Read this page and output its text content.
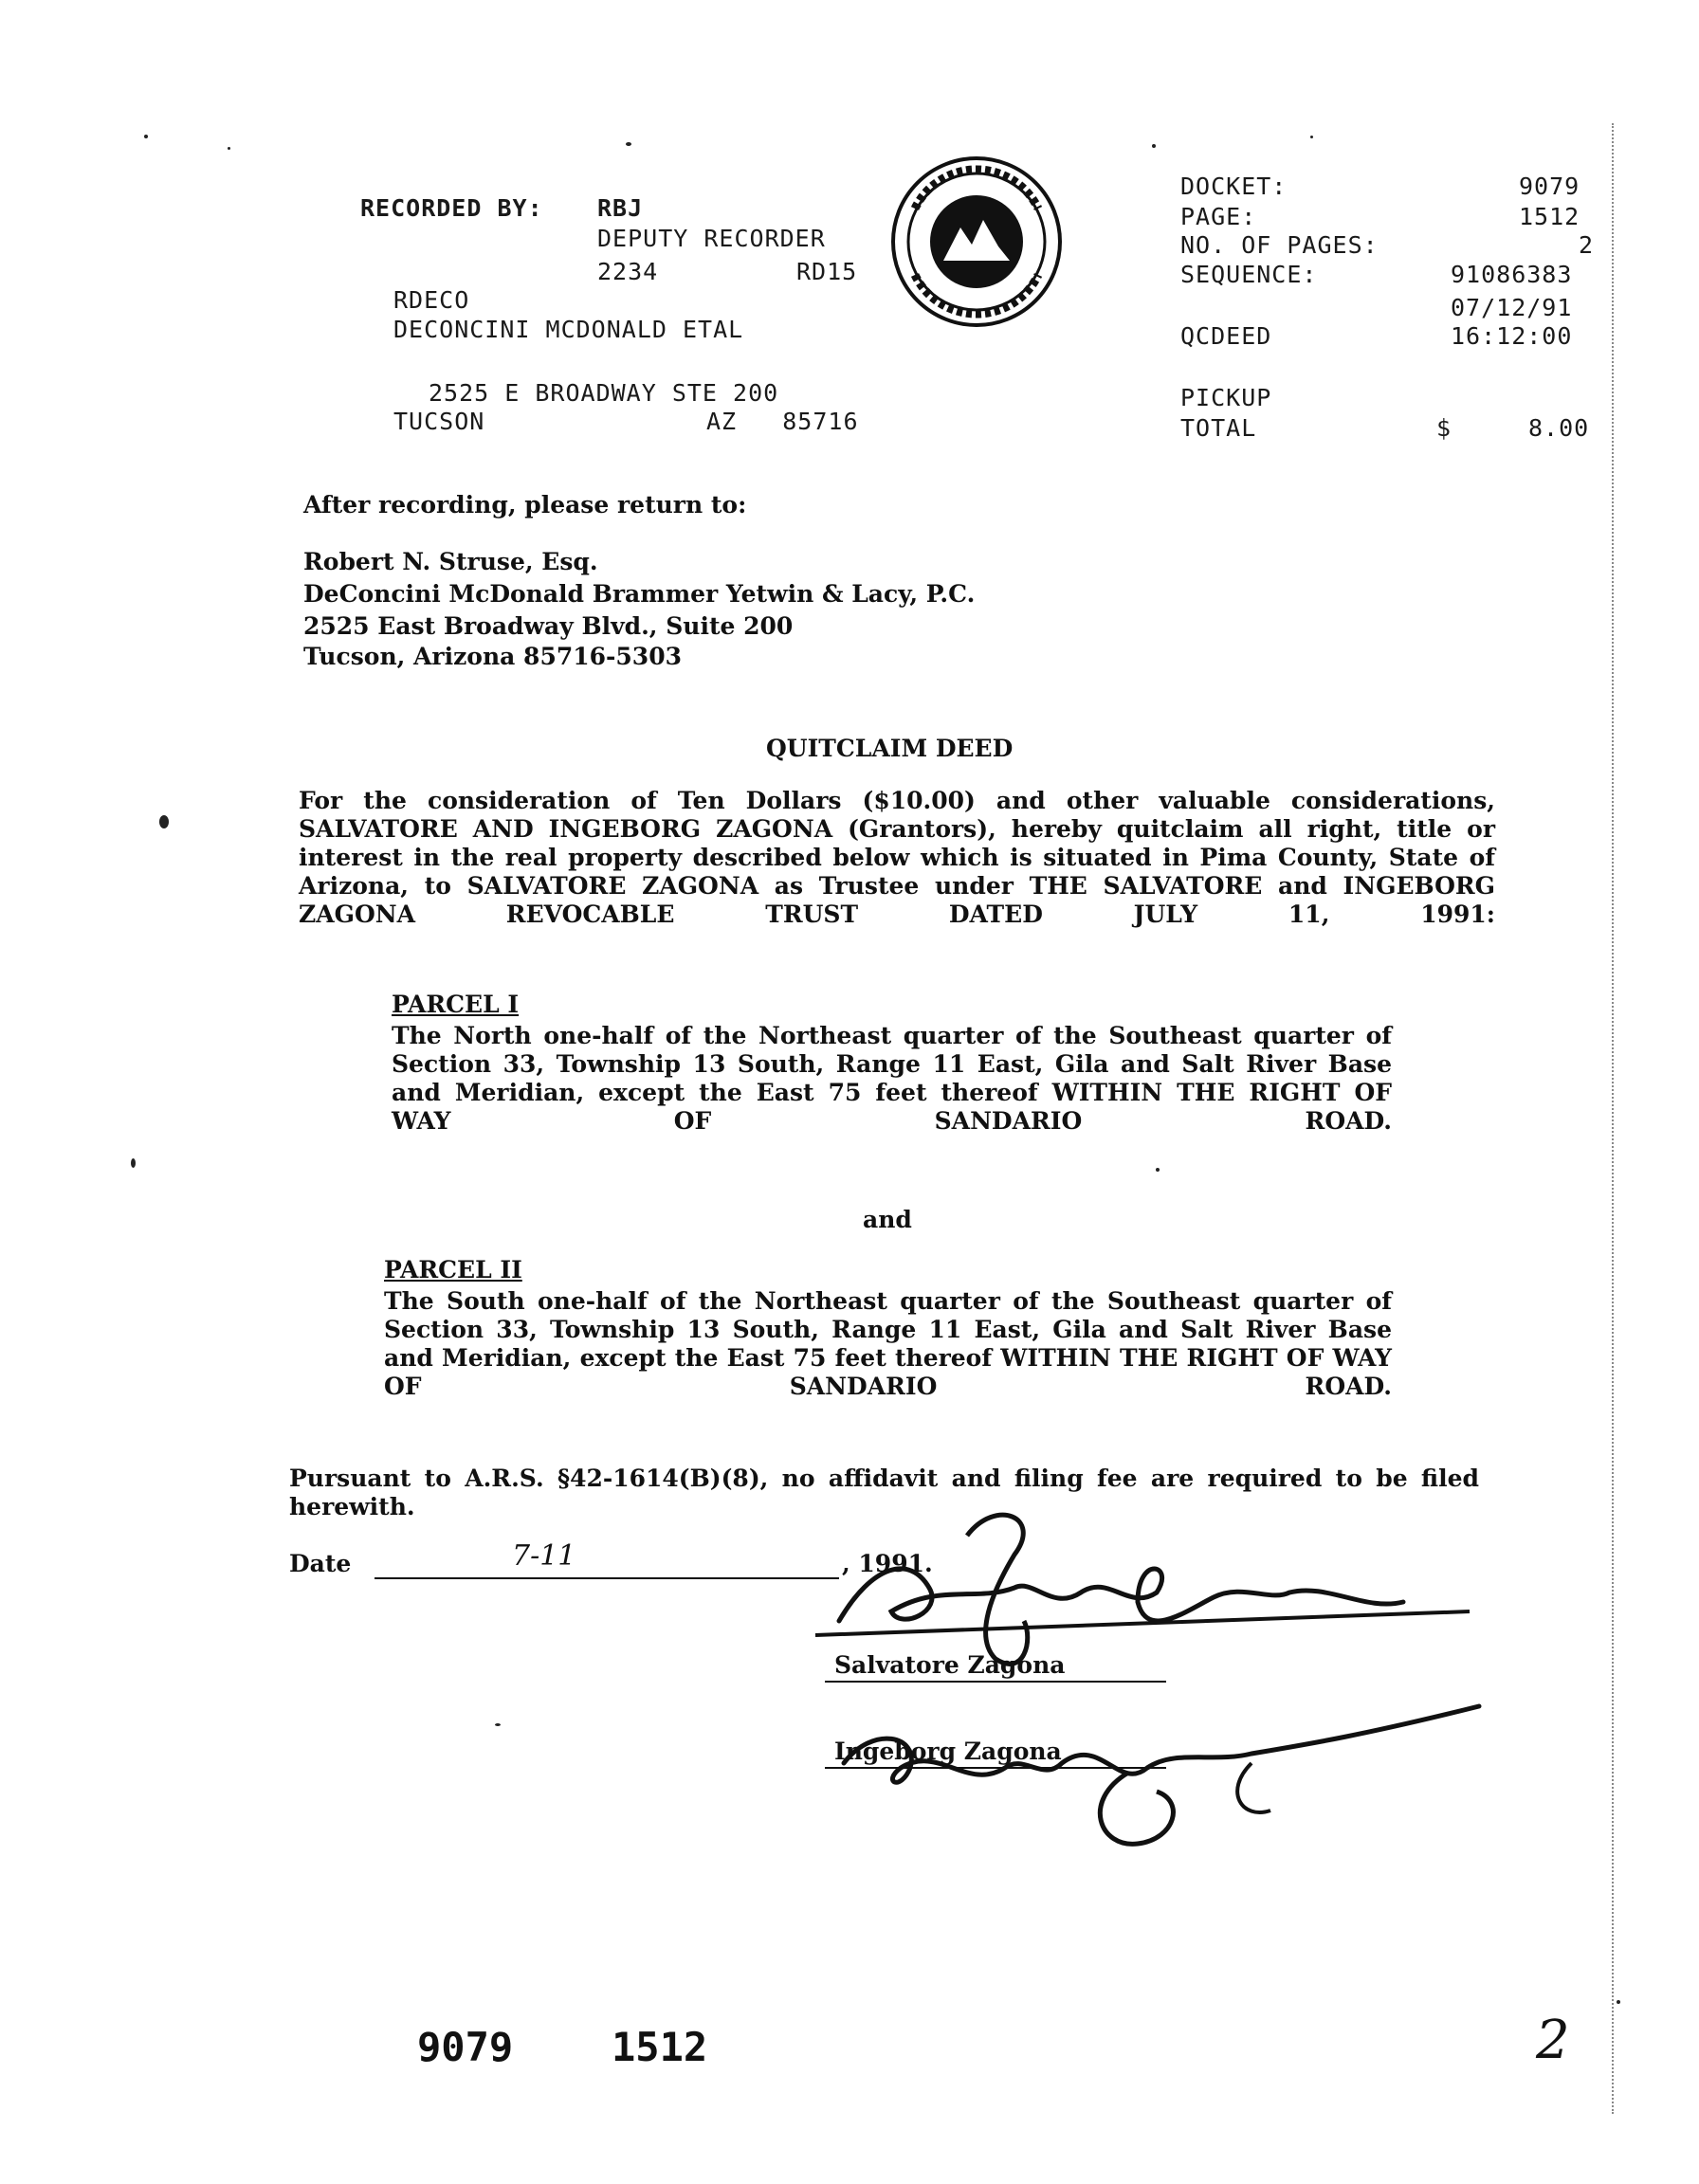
RECORDED BY: RBJ
DEPUTY RECORDER
2234	RD15
RDECO
DECONCINI MCDONALD ETAL
2525 E BROADWAY STE 200
TUCSON	AZ   85716
DOCKET:	9079
PAGE:	1512
NO. OF PAGES:	2
SEQUENCE:	91086383
07/12/91
QCDEED	16:12:00
PICKUP
TOTAL	$	8.00
After recording, please return to:
Robert N. Struse, Esq.
DeConcini McDonald Brammer Yetwin & Lacy, P.C.
2525 East Broadway Blvd., Suite 200
Tucson, Arizona 85716-5303
QUITCLAIM DEED
For the consideration of Ten Dollars ($10.00) and other valuable considerations, SALVATORE AND INGEBORG ZAGONA (Grantors), hereby quitclaim all right, title or interest in the real property described below which is situated in Pima County, State of Arizona, to SALVATORE ZAGONA as Trustee under THE SALVATORE and INGEBORG ZAGONA REVOCABLE TRUST DATED JULY 11, 1991:
PARCEL I
The North one-half of the Northeast quarter of the Southeast quarter of Section 33, Township 13 South, Range 11 East, Gila and Salt River Base and Meridian, except the East 75 feet thereof WITHIN THE RIGHT OF WAY OF SANDARIO ROAD.
and
PARCEL II
The South one-half of the Northeast quarter of the Southeast quarter of Section 33, Township 13 South, Range 11 East, Gila and Salt River Base and Meridian, except the East 75 feet thereof WITHIN THE RIGHT OF WAY OF SANDARIO ROAD.
Pursuant to A.R.S. §42-1614(B)(8), no affidavit and filing fee are required to be filed herewith.
Date	7-11	, 1991.
Salvatore Zagona
Ingeborg Zagona
9079 1512	2
